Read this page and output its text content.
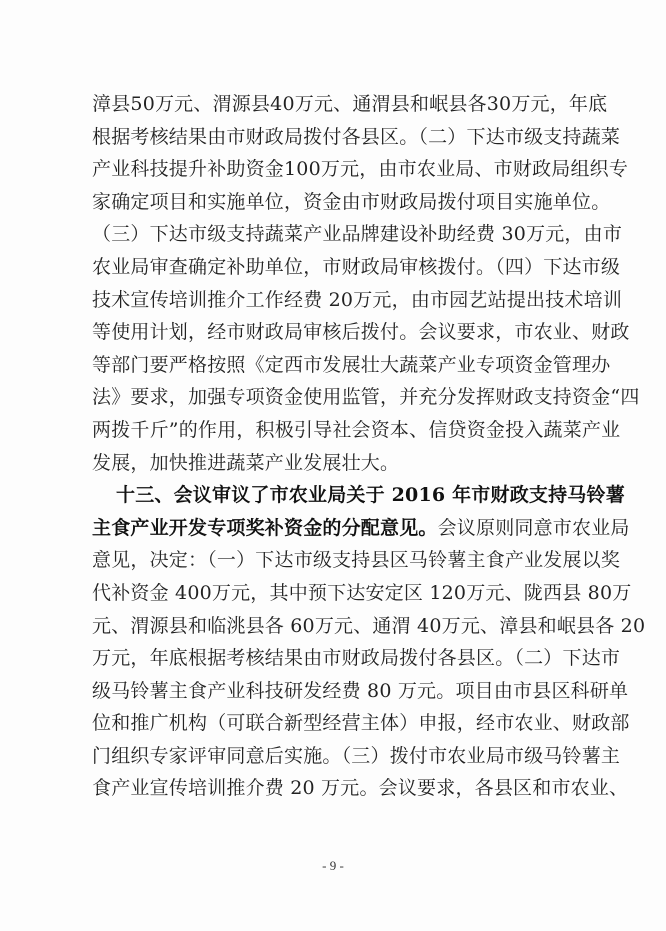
漳县50万元、渭源县40万元、通渭县和岷县各30万元，年底
根据考核结果由市财政局拨付各县区。（二）下达市级支持蔬菜
产业科技提升补助资金100万元，由市农业局、市财政局组织专
家确定项目和实施单位，资金由市财政局拨付项目实施单位。
（三）下达市级支持蔬菜产业品牌建设补助经费 30万元，由市
农业局审查确定补助单位，市财政局审核拨付。（四）下达市级
技术宣传培训推介工作经费 20万元，由市园艺站提出技术培训
等使用计划，经市财政局审核后拨付。会议要求，市农业、财政
等部门要严格按照《定西市发展壮大蔬菜产业专项资金管理办
法》要求，加强专项资金使用监管，并充分发挥财政支持资金“四
两拨千斤”的作用，积极引导社会资本、信贷资金投入蔬菜产业
发展，加快推进蔬菜产业发展壮大。
十三、会议审议了市农业局关于 2016 年市财政支持马铃薯
主食产业开发专项奖补资金的分配意见。会议原则同意市农业局
意见，决定：（一）下达市级支持县区马铃薯主食产业发展以奖
代补资金 400万元，其中预下达安定区 120万元、陇西县 80万
元、渭源县和临洮县各 60万元、通渭 40万元、漳县和岷县各 20
万元，年底根据考核结果由市财政局拨付各县区。（二）下达市
级马铃薯主食产业科技研发经费 80 万元。项目由市县区科研单
位和推广机构（可联合新型经营主体）申报，经市农业、财政部
门组织专家评审同意后实施。（三）拨付市农业局市级马铃薯主
食产业宣传培训推介费 20 万元。会议要求，各县区和市农业、
- 9 -
